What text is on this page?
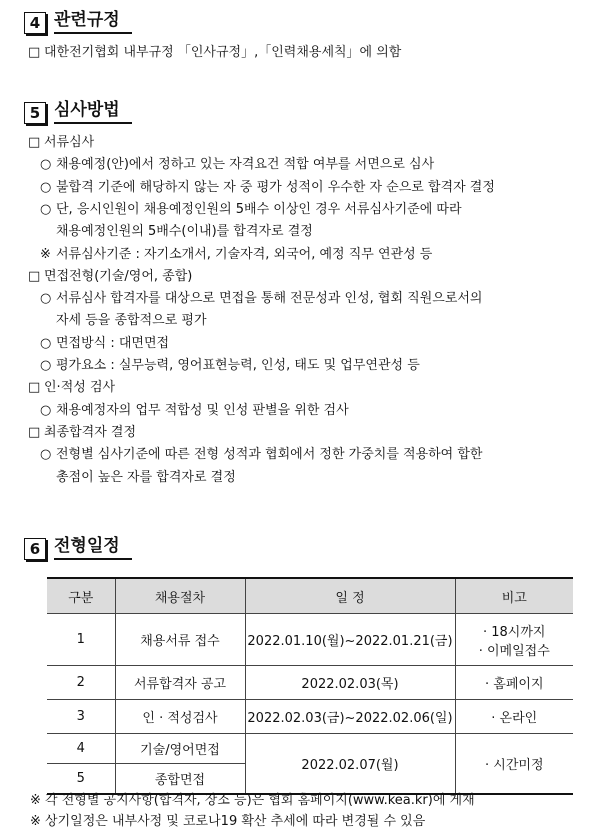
4 관련규정
□ 대한전기협회 내부규정 「인사규정」,「인력채용세칙」에 의함
5 심사방법
□ 서류심사
○ 채용예정(안)에서 정하고 있는 자격요건 적합 여부를 서면으로 심사
○ 불합격 기준에 해당하지 않는 자 중 평가 성적이 우수한 자 순으로 합격자 결정
○ 단, 응시인원이 채용예정인원의 5배수 이상인 경우 서류심사기준에 따라
채용예정인원의 5배수(이내)를 합격자로 결정
※ 서류심사기준 : 자기소개서, 기술자격, 외국어, 예정 직무 연관성 등
□ 면접전형(기술/영어, 종합)
○ 서류심사 합격자를 대상으로 면접을 통해 전문성과 인성, 협회 직원으로서의
자세 등을 종합적으로 평가
○ 면접방식 : 대면면접
○ 평가요소 : 실무능력, 영어표현능력, 인성, 태도 및 업무연관성 등
□ 인·적성 검사
○ 채용예정자의 업무 적합성 및 인성 판별을 위한 검사
□ 최종합격자 결정
○ 전형별 심사기준에 따른 전형 성적과 협회에서 정한 가중치를 적용하여 합한
총점이 높은 자를 합격자로 결정
6 전형일정
구분	채용절차	일 정	비고
1	채용서류 접수	2022.01.10(월)~2022.01.21(금)	· 18시까지
· 이메일접수

2	서류합격자 공고	2022.02.03(목)	· 홈페이지
3	인 · 적성검사	2022.02.03(금)~2022.02.06(일)	· 온라인
4	기술/영어면접	2022.02.07(월)	· 시간미정
5	종합면접		
※ 각 전형별 공지사항(합격자, 장소 등)은 협회 홈페이지(www.kea.kr)에 게재
※ 상기일정은 내부사정 및 코로나19 확산 추세에 따라 변경될 수 있음
